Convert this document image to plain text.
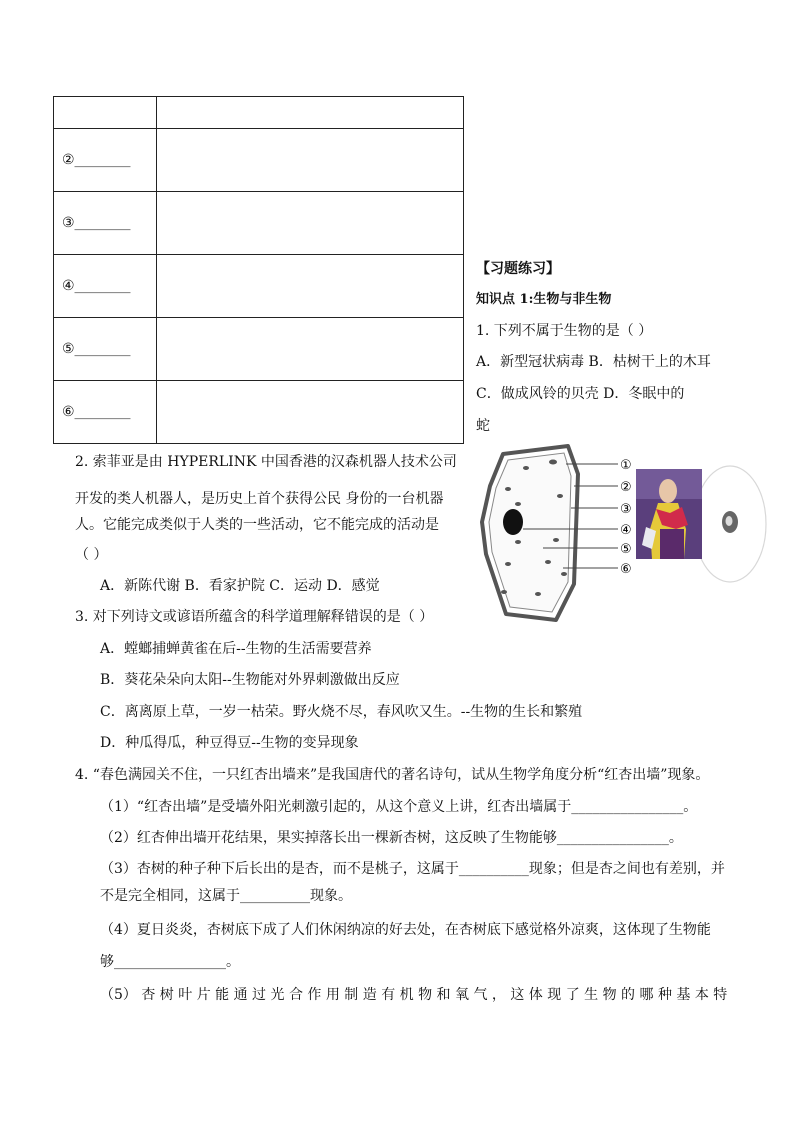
②________	
③________	
④________	
⑤________	
⑥________	
【习题练习】
知识点 1:生物与非生物
1. 下列不属于生物的是（ ）
A．新型冠状病毒 B．枯树干上的木耳
C．做成风铃的贝壳 D．冬眠中的
蛇
①
②
③
④
⑤
⑥
2. 索菲亚是由 HYPERLINK 中国香港的汉森机器人技术公司
开发的类人机器人，是历史上首个获得公民 身份的一台机器
人。它能完成类似于人类的一些活动，它不能完成的活动是
（ ）
A．新陈代谢 B．看家护院 C．运动 D．感觉
3. 对下列诗文或谚语所蕴含的科学道理解释错误的是（ ）
A．螳螂捕蝉黄雀在后--生物的生活需要营养
B．葵花朵朵向太阳--生物能对外界刺激做出反应
C．离离原上草，一岁一枯荣。野火烧不尽，春风吹又生。--生物的生长和繁殖
D．种瓜得瓜，种豆得豆--生物的变异现象
4. “春色满园关不住，一只红杏出墙来”是我国唐代的著名诗句，试从生物学角度分析“红杏出墙”现象。
（1）“红杏出墙”是受墙外阳光刺激引起的，从这个意义上讲，红杏出墙属于________________。
（2）红杏伸出墙开花结果，果实掉落长出一棵新杏树，这反映了生物能够________________。
（3）杏树的种子种下后长出的是杏，而不是桃子，这属于__________现象；但是杏之间也有差别，并
不是完全相同，这属于__________现象。
（4）夏日炎炎，杏树底下成了人们休闲纳凉的好去处，在杏树底下感觉格外凉爽，这体现了生物能
够________________。
（5） 杏 树 叶 片 能 通 过 光 合 作 用 制 造 有 机 物 和 氧 气 ， 这 体 现 了 生 物 的 哪 种 基 本 特
